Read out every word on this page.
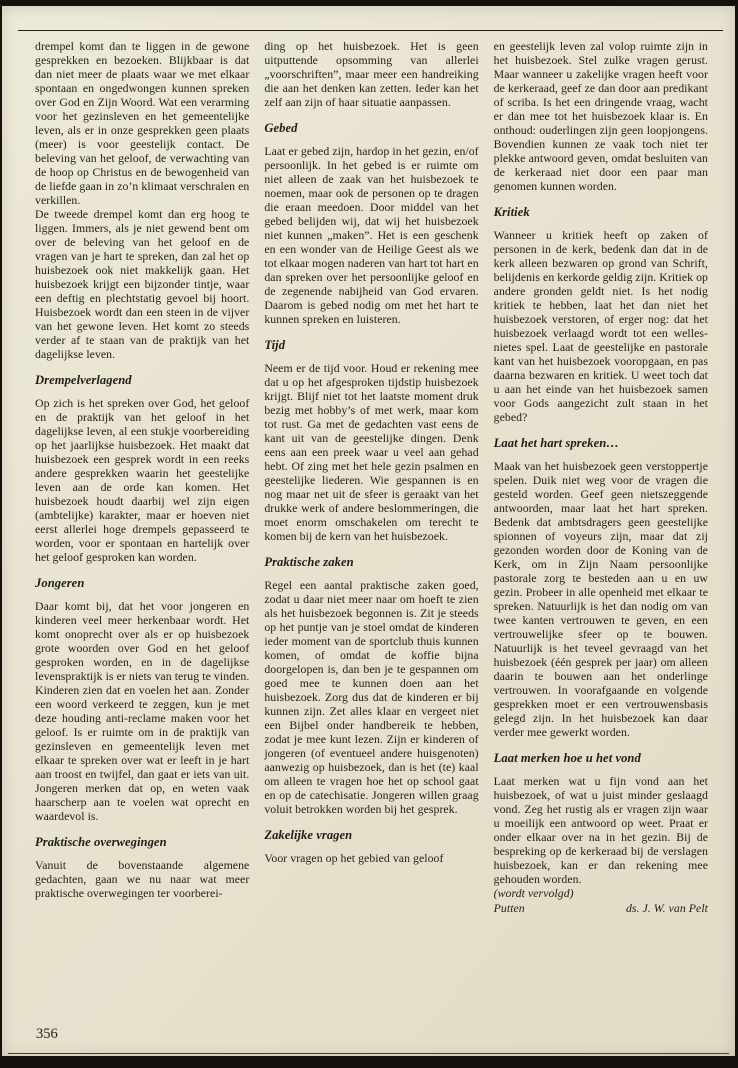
drempel komt dan te liggen in de gewone gesprekken en bezoeken. Blijkbaar is dat dan niet meer de plaats waar we met elkaar spontaan en ongedwongen kunnen spreken over God en Zijn Woord. Wat een verarming voor het gezinsleven en het gemeentelijke leven, als er in onze gesprekken geen plaats (meer) is voor geestelijk contact. De beleving van het geloof, de verwachting van de hoop op Christus en de bewogenheid van de liefde gaan in zo’n klimaat verschralen en verkillen.

De tweede drempel komt dan erg hoog te liggen. Immers, als je niet gewend bent om over de beleving van het geloof en de vragen van je hart te spreken, dan zal het op huisbezoek ook niet makkelijk gaan. Het huisbezoek krijgt een bijzonder tintje, waar een deftig en plechtstatig gevoel bij hoort. Huisbezoek wordt dan een steen in de vijver van het gewone leven. Het komt zo steeds verder af te staan van de praktijk van het dagelijkse leven.

Drempelverlagend

Op zich is het spreken over God, het geloof en de praktijk van het geloof in het dagelijkse leven, al een stukje voorbereiding op het jaarlijkse huisbezoek. Het maakt dat huisbezoek een gesprek wordt in een reeks andere gesprekken waarin het geestelijke leven aan de orde kan komen. Het huisbezoek houdt daarbij wel zijn eigen (ambtelijke) karakter, maar er hoeven niet eerst allerlei hoge drempels gepasseerd te worden, voor er spontaan en hartelijk over het geloof gesproken kan worden.

Jongeren

Daar komt bij, dat het voor jongeren en kinderen veel meer herkenbaar wordt. Het komt onoprecht over als er op huisbezoek grote woorden over God en het geloof gesproken worden, en in de dagelijkse levenspraktijk is er niets van terug te vinden. Kinderen zien dat en voelen het aan. Zonder een woord verkeerd te zeggen, kun je met deze houding anti-reclame maken voor het geloof. Is er ruimte om in de praktijk van gezinsleven en gemeentelijk leven met elkaar te spreken over wat er leeft in je hart aan troost en twijfel, dan gaat er iets van uit. Jongeren merken dat op, en weten vaak haarscherp aan te voelen wat oprecht en waardevol is.

Praktische overwegingen

Vanuit de bovenstaande algemene gedachten, gaan we nu naar wat meer praktische overwegingen ter voorberei-

ding op het huisbezoek. Het is geen uitputtende opsomming van allerlei „voorschriften”, maar meer een handreiking die aan het denken kan zetten. Ieder kan het zelf aan zijn of haar situatie aanpassen.

Gebed

Laat er gebed zijn, hardop in het gezin, en/of persoonlijk. In het gebed is er ruimte om niet alleen de zaak van het huisbezoek te noemen, maar ook de personen op te dragen die eraan meedoen. Door middel van het gebed belijden wij, dat wij het huisbezoek niet kunnen „maken”. Het is een geschenk en een wonder van de Heilige Geest als we tot elkaar mogen naderen van hart tot hart en dan spreken over het persoonlijke geloof en de zegenende nabijheid van God ervaren. Daarom is gebed nodig om met het hart te kunnen spreken en luisteren.

Tijd

Neem er de tijd voor. Houd er rekening mee dat u op het afgesproken tijdstip huisbezoek krijgt. Blijf niet tot het laatste moment druk bezig met hobby’s of met werk, maar kom tot rust. Ga met de gedachten vast eens de kant uit van de geestelijke dingen. Denk eens aan een preek waar u veel aan gehad hebt. Of zing met het hele gezin psalmen en geestelijke liederen. Wie gespannen is en nog maar net uit de sfeer is geraakt van het drukke werk of andere beslommeringen, die moet enorm omschakelen om terecht te komen bij de kern van het huisbezoek.

Praktische zaken

Regel een aantal praktische zaken goed, zodat u daar niet meer naar om hoeft te zien als het huisbezoek begonnen is. Zit je steeds op het puntje van je stoel omdat de kinderen ieder moment van de sportclub thuis kunnen komen, of omdat de koffie bijna doorgelopen is, dan ben je te gespannen om goed mee te kunnen doen aan het huisbezoek. Zorg dus dat de kinderen er bij kunnen zijn. Zet alles klaar en vergeet niet een Bijbel onder handbereik te hebben, zodat je mee kunt lezen. Zijn er kinderen of jongeren (of eventueel andere huisgenoten) aanwezig op huisbezoek, dan is het (te) kaal om alleen te vragen hoe het op school gaat en op de catechisatie. Jongeren willen graag voluit betrokken worden bij het gesprek.

Zakelijke vragen

Voor vragen op het gebied van geloof

en geestelijk leven zal volop ruimte zijn in het huisbezoek. Stel zulke vragen gerust. Maar wanneer u zakelijke vragen heeft voor de kerkeraad, geef ze dan door aan predikant of scriba. Is het een dringende vraag, wacht er dan mee tot het huisbezoek klaar is. En onthoud: ouderlingen zijn geen loopjongens. Bovendien kunnen ze vaak toch niet ter plekke antwoord geven, omdat besluiten van de kerkeraad niet door een paar man genomen kunnen worden.

Kritiek

Wanneer u kritiek heeft op zaken of personen in de kerk, bedenk dan dat in de kerk alleen bezwaren op grond van Schrift, belijdenis en kerkorde geldig zijn. Kritiek op andere gronden geldt niet. Is het nodig kritiek te hebben, laat het dan niet het huisbezoek verstoren, of erger nog: dat het huisbezoek verlaagd wordt tot een welles-nietes spel. Laat de geestelijke en pastorale kant van het huisbezoek vooropgaan, en pas daarna bezwaren en kritiek. U weet toch dat u aan het einde van het huisbezoek samen voor Gods aangezicht zult staan in het gebed?

Laat het hart spreken…

Maak van het huisbezoek geen verstoppertje spelen. Duik niet weg voor de vragen die gesteld worden. Geef geen nietszeggende antwoorden, maar laat het hart spreken. Bedenk dat ambtsdragers geen geestelijke spionnen of voyeurs zijn, maar dat zij gezonden worden door de Koning van de Kerk, om in Zijn Naam persoonlijke pastorale zorg te besteden aan u en uw gezin. Probeer in alle openheid met elkaar te spreken. Natuurlijk is het dan nodig om van twee kanten vertrouwen te geven, en een vertrouwelijke sfeer op te bouwen. Natuurlijk is het teveel gevraagd van het huisbezoek (één gesprek per jaar) om alleen daarin te bouwen aan het onderlinge vertrouwen. In voorafgaande en volgende gesprekken moet er een vertrouwensbasis gelegd zijn. In het huisbezoek kan daar verder mee gewerkt worden.

Laat merken hoe u het vond

Laat merken wat u fijn vond aan het huisbezoek, of wat u juist minder geslaagd vond. Zeg het rustig als er vragen zijn waar u moeilijk een antwoord op weet. Praat er onder elkaar over na in het gezin. Bij de bespreking op de kerkeraad bij de verslagen huisbezoek, kan er dan rekening mee gehouden worden.

(wordt vervolgd)

Putten	ds. J. W. van Pelt
356
